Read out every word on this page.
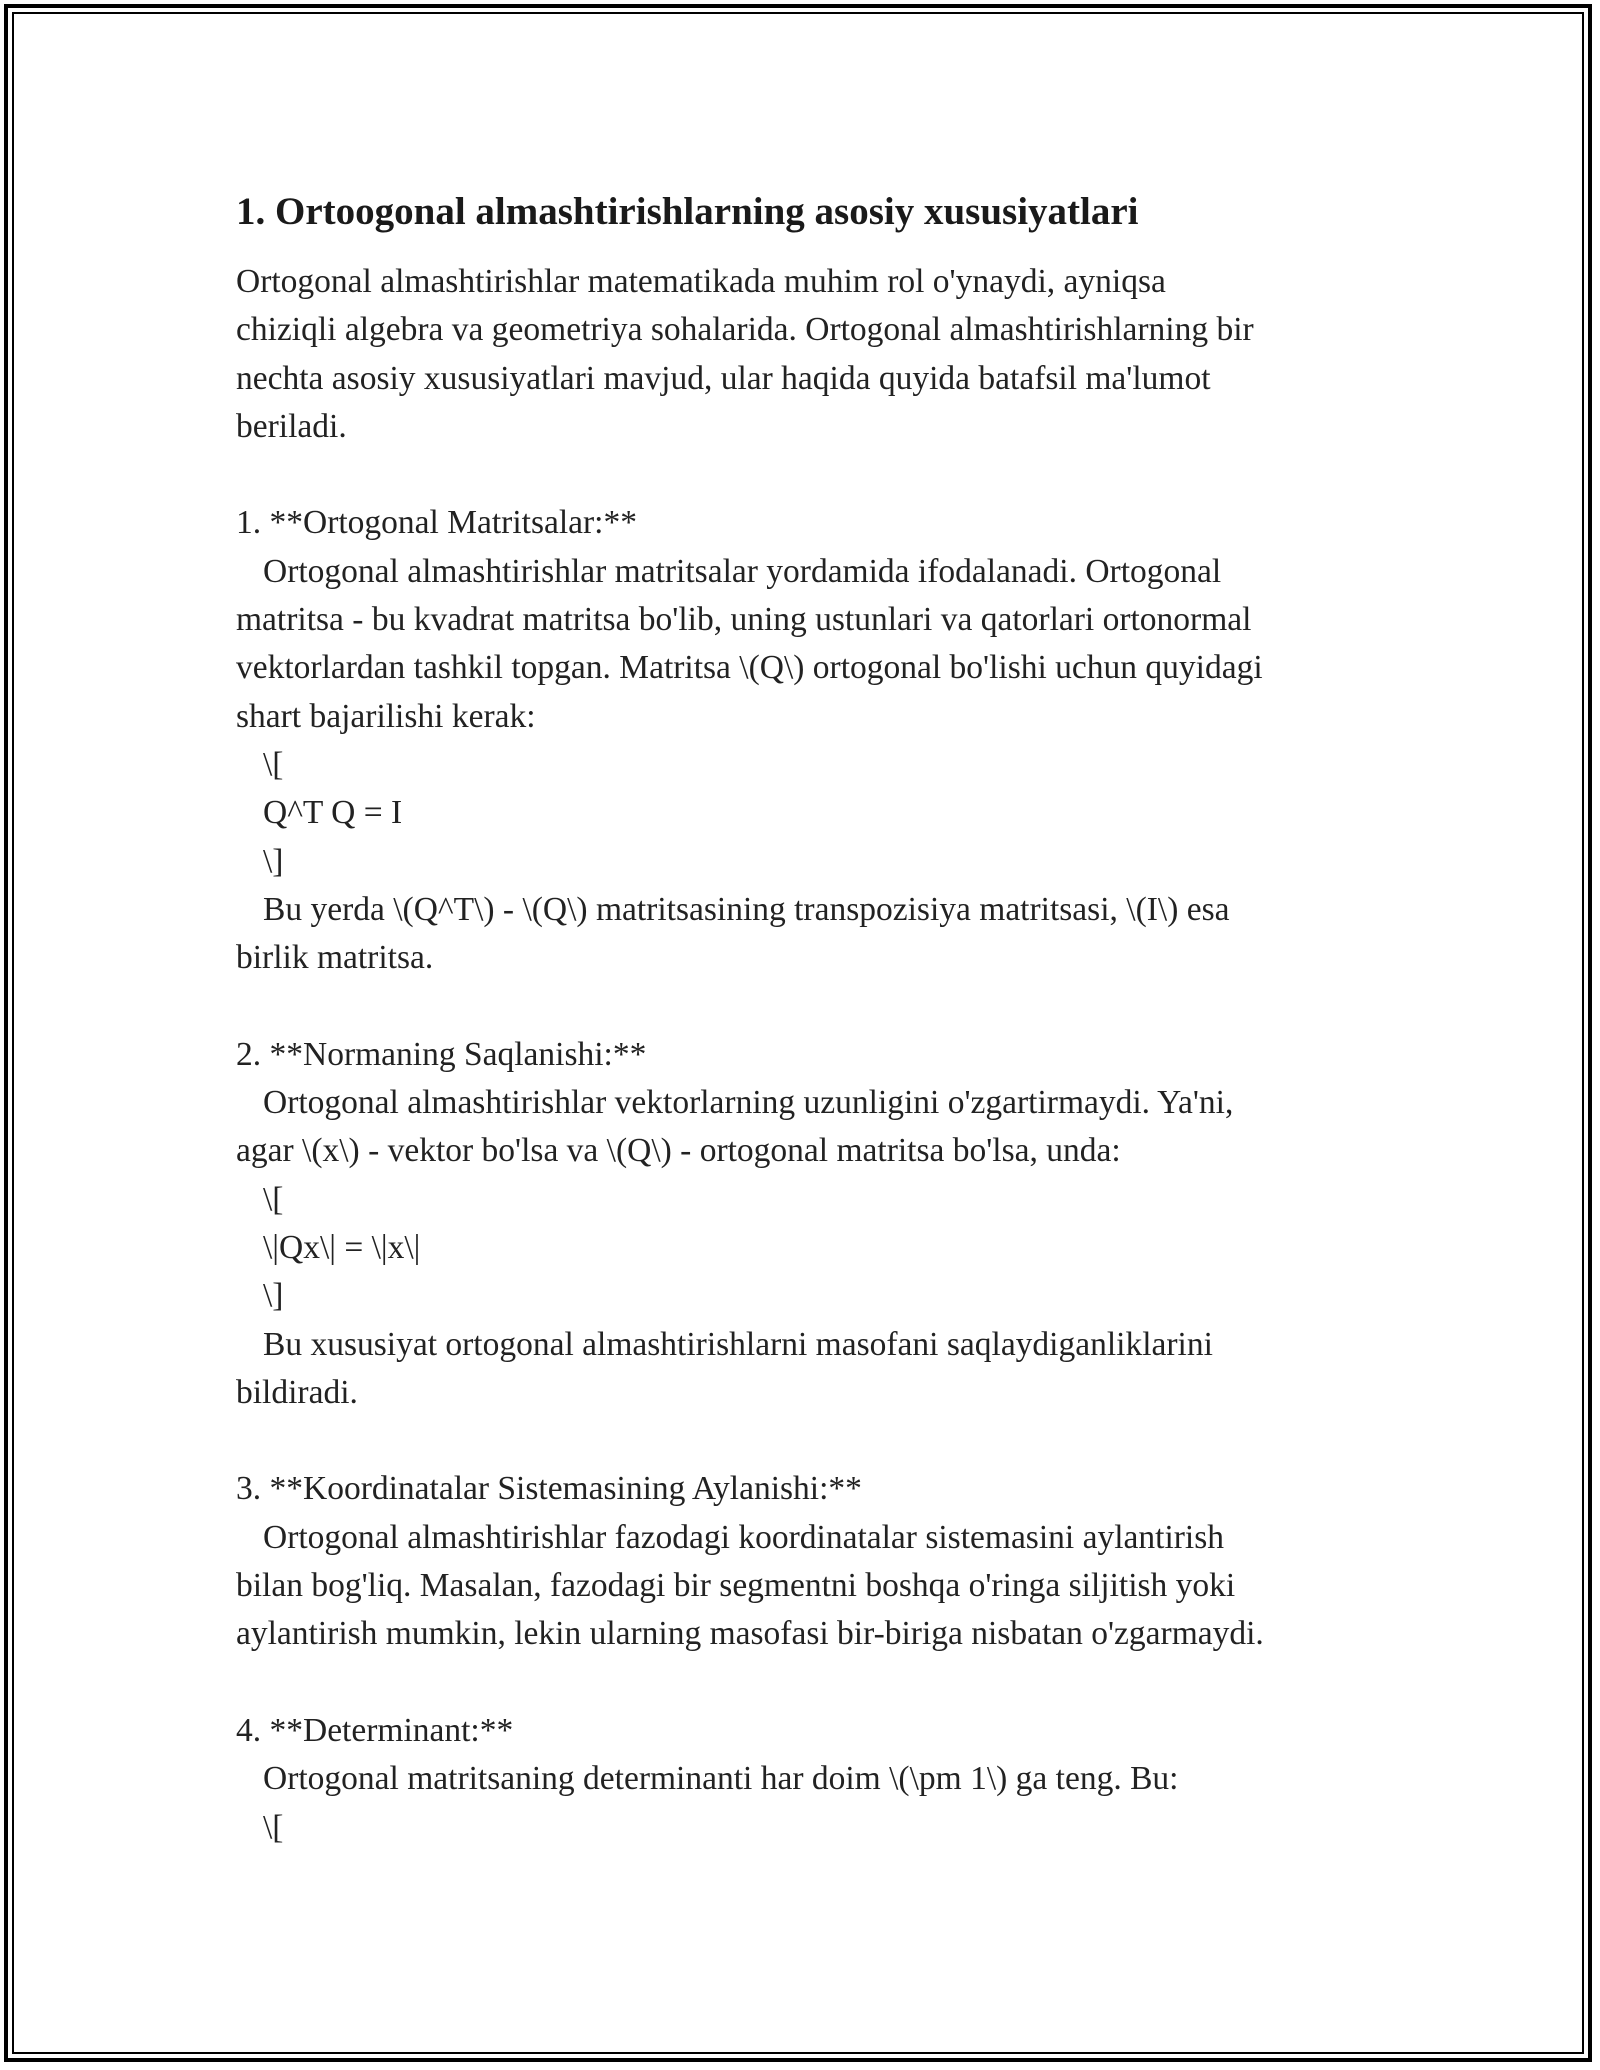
1. Ortoogonal almashtirishlarning asosiy xususiyatlari
Ortogonal almashtirishlar matematikada muhim rol o'ynaydi, ayniqsa
chiziqli algebra va geometriya sohalarida. Ortogonal almashtirishlarning bir
nechta asosiy xususiyatlari mavjud, ular haqida quyida batafsil ma'lumot
beriladi.
1. **Ortogonal Matritsalar:**
Ortogonal almashtirishlar matritsalar yordamida ifodalanadi. Ortogonal
matritsa - bu kvadrat matritsa bo'lib, uning ustunlari va qatorlari ortonormal
vektorlardan tashkil topgan. Matritsa \(Q\) ortogonal bo'lishi uchun quyidagi
shart bajarilishi kerak:
\[
Q^T Q = I
\]
Bu yerda \(Q^T\) - \(Q\) matritsasining transpozisiya matritsasi, \(I\) esa
birlik matritsa.
2. **Normaning Saqlanishi:**
Ortogonal almashtirishlar vektorlarning uzunligini o'zgartirmaydi. Ya'ni,
agar \(x\) - vektor bo'lsa va \(Q\) - ortogonal matritsa bo'lsa, unda:
\[
\|Qx\| = \|x\|
\]
Bu xususiyat ortogonal almashtirishlarni masofani saqlaydiganliklarini
bildiradi.
3. **Koordinatalar Sistemasining Aylanishi:**
Ortogonal almashtirishlar fazodagi koordinatalar sistemasini aylantirish
bilan bog'liq. Masalan, fazodagi bir segmentni boshqa o'ringa siljitish yoki
aylantirish mumkin, lekin ularning masofasi bir-biriga nisbatan o'zgarmaydi.
4. **Determinant:**
Ortogonal matritsaning determinanti har doim \(\pm 1\) ga teng. Bu:
\[
